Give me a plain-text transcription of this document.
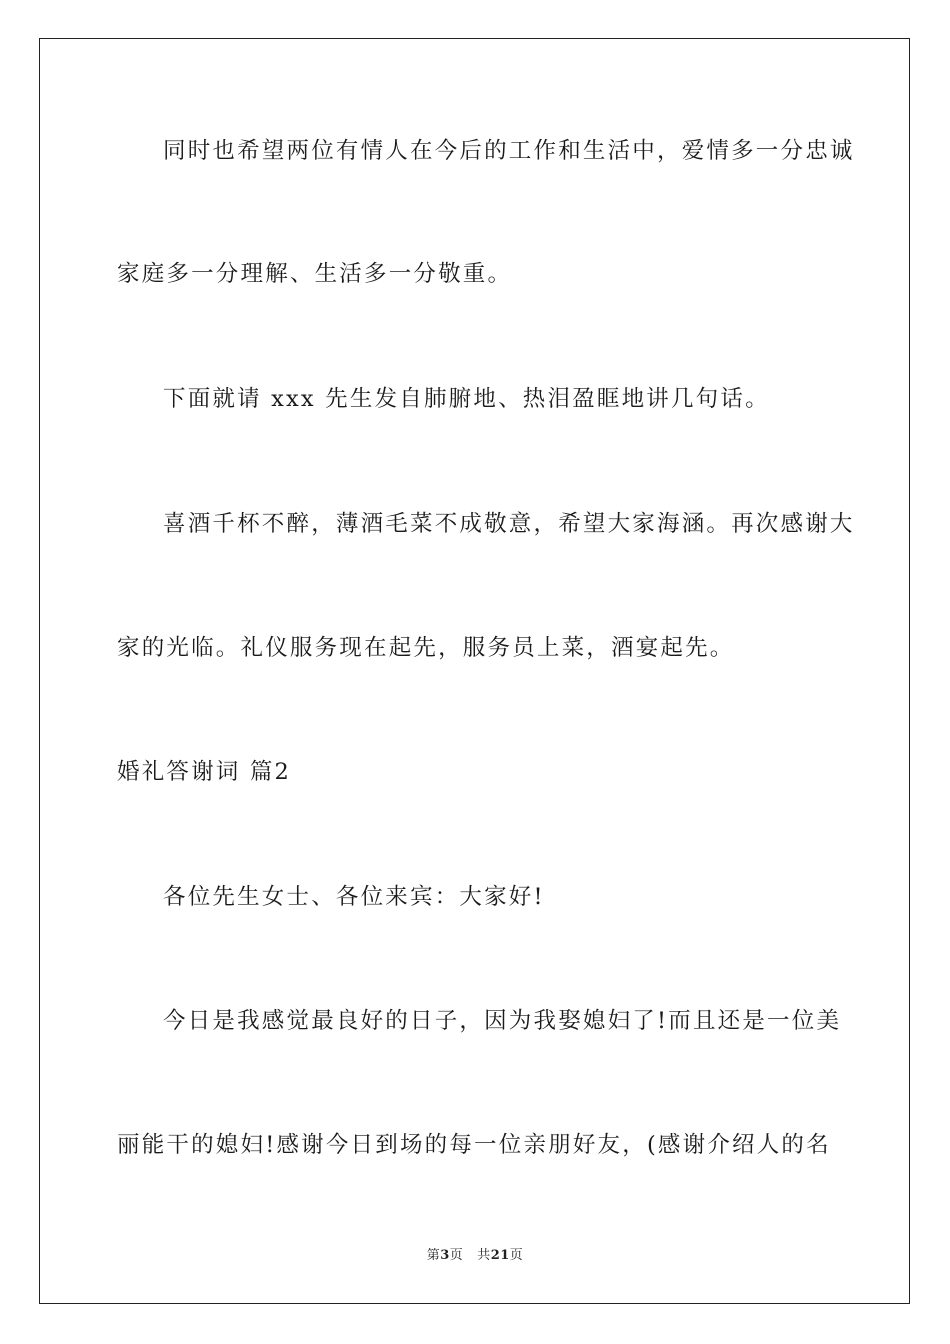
同时也希望两位有情人在今后的工作和生活中，爱情多一分忠诚
家庭多一分理解、生活多一分敬重。
下面就请 xxx 先生发自肺腑地、热泪盈眶地讲几句话。
喜酒千杯不醉，薄酒毛菜不成敬意，希望大家海涵。再次感谢大
家的光临。礼仪服务现在起先，服务员上菜，酒宴起先。
婚礼答谢词 篇2
各位先生女士、各位来宾：大家好!
今日是我感觉最良好的日子，因为我娶媳妇了!而且还是一位美
丽能干的媳妇!感谢今日到场的每一位亲朋好友，(感谢介绍人的名
第3页 共21页
